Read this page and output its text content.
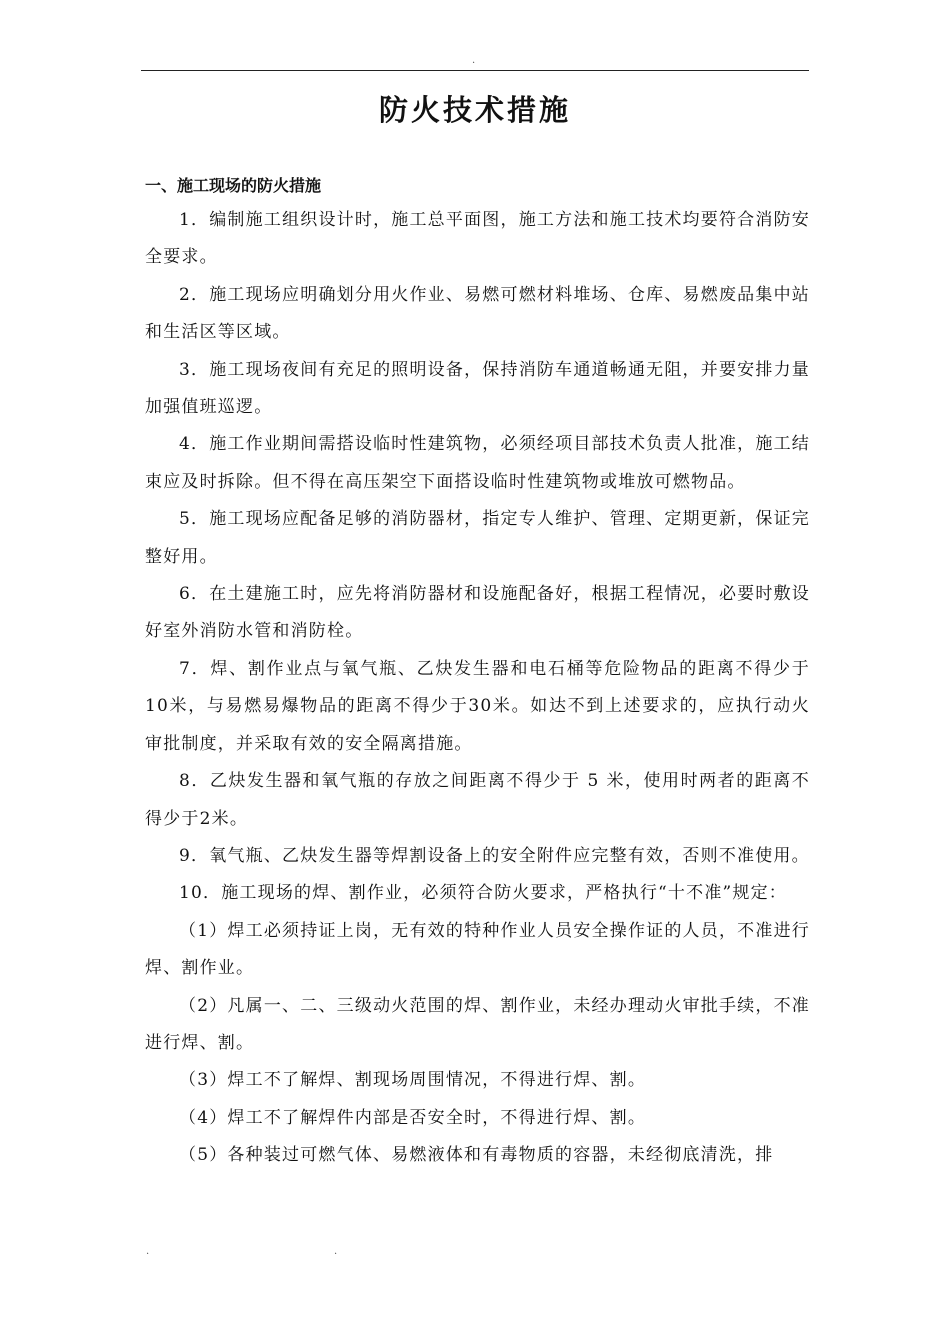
.
防火技术措施
一、施工现场的防火措施

1．编制施工组织设计时，施工总平面图，施工方法和施工技术均要符合消防安全要求。

2．施工现场应明确划分用火作业、易燃可燃材料堆场、仓库、易燃废品集中站和生活区等区域。

3．施工现场夜间有充足的照明设备，保持消防车通道畅通无阻，并要安排力量加强值班巡逻。

4．施工作业期间需搭设临时性建筑物，必须经项目部技术负责人批准，施工结束应及时拆除。但不得在高压架空下面搭设临时性建筑物或堆放可燃物品。

5．施工现场应配备足够的消防器材，指定专人维护、管理、定期更新，保证完整好用。

6．在土建施工时，应先将消防器材和设施配备好，根据工程情况，必要时敷设好室外消防水管和消防栓。

7．焊、割作业点与氧气瓶、乙炔发生器和电石桶等危险物品的距离不得少于10米，与易燃易爆物品的距离不得少于30米。如达不到上述要求的，应执行动火审批制度，并采取有效的安全隔离措施。

8．乙炔发生器和氧气瓶的存放之间距离不得少于 5 米，使用时两者的距离不得少于2米。

9．氧气瓶、乙炔发生器等焊割设备上的安全附件应完整有效，否则不准使用。

10．施工现场的焊、割作业，必须符合防火要求，严格执行“十不准”规定：

（1）焊工必须持证上岗，无有效的特种作业人员安全操作证的人员，不准进行焊、割作业。

（2）凡属一、二、三级动火范围的焊、割作业，未经办理动火审批手续，不准进行焊、割。

（3）焊工不了解焊、割现场周围情况，不得进行焊、割。

（4）焊工不了解焊件内部是否安全时，不得进行焊、割。

（5）各种装过可燃气体、易燃液体和有毒物质的容器，未经彻底清洗，排

.	.
